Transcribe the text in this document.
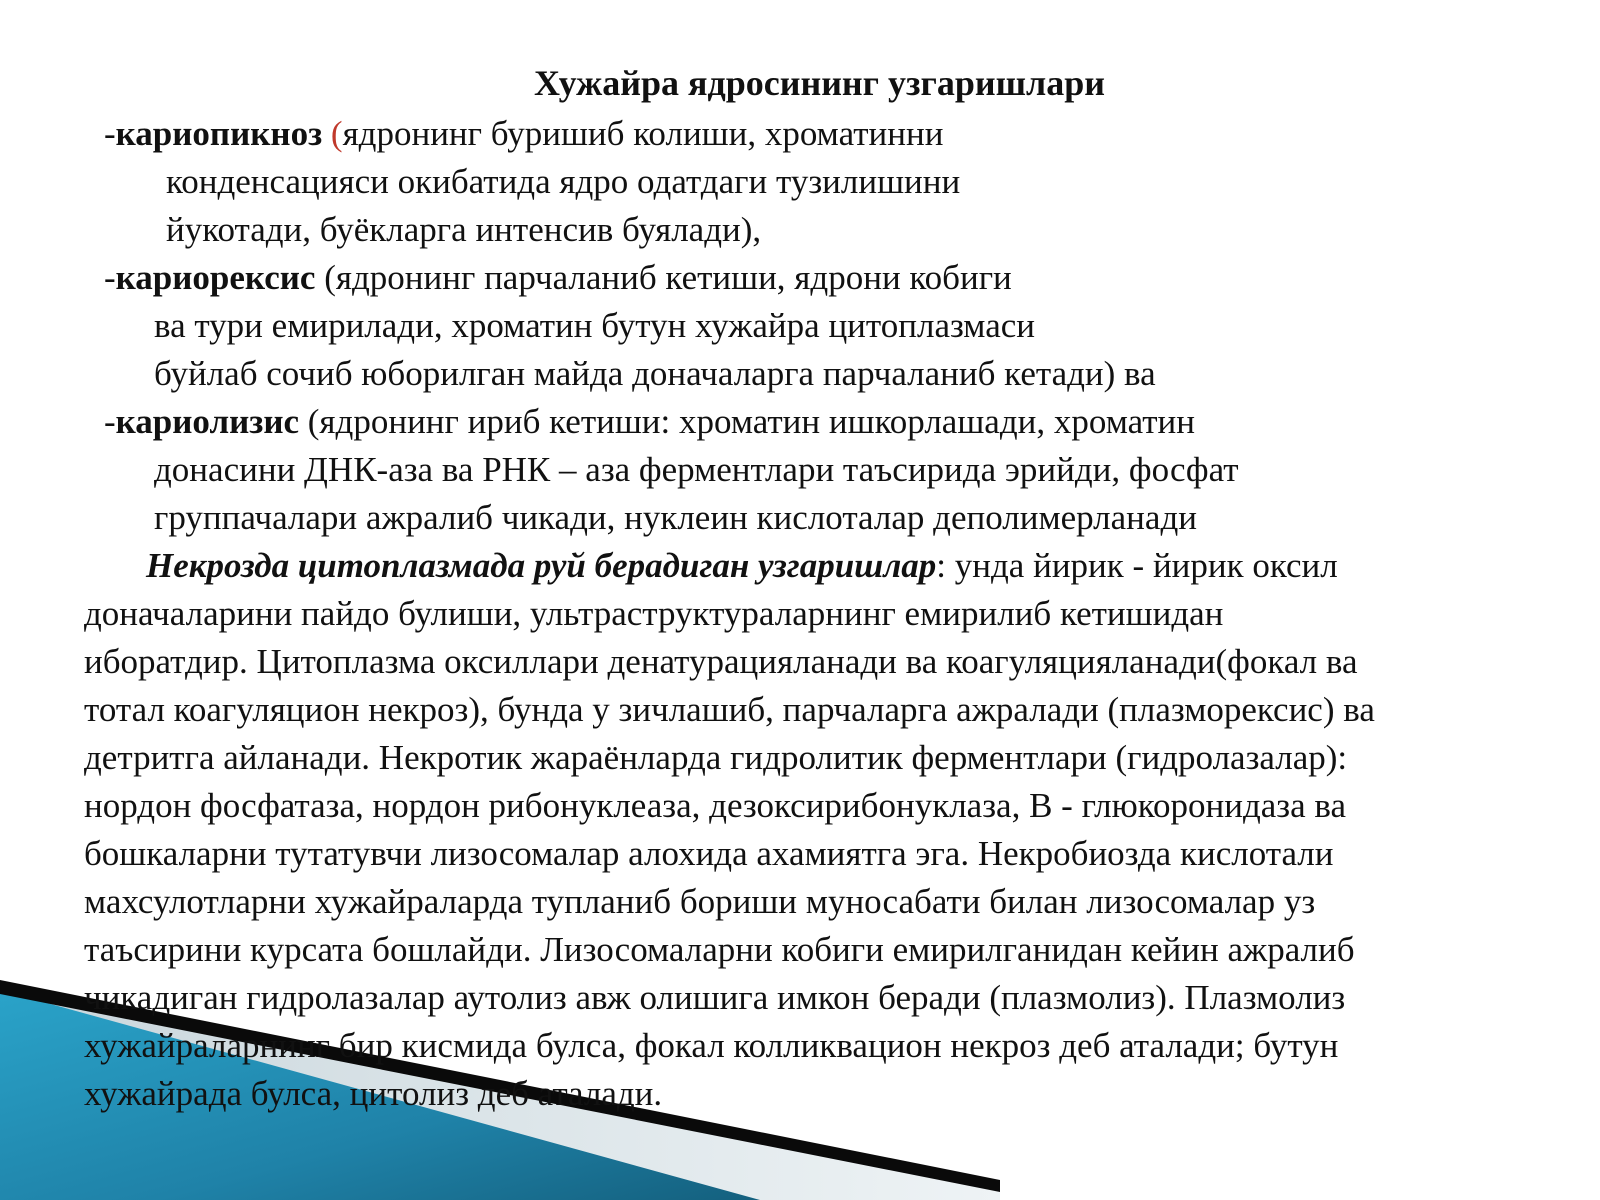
Хужайра ядросининг узгаришлари
-кариопикноз (ядронинг буришиб колиши, хроматинни
конденсацияси окибатида ядро одатдаги тузилишини
йукотади, буёкларга интенсив буялади),
-кариорексис (ядронинг парчаланиб кетиши, ядрони кобиги
ва тури емирилади, хроматин бутун хужайра цитоплазмаси
буйлаб сочиб юборилган майда доначаларга парчаланиб кетади) ва
-кариолизис (ядронинг ириб кетиши: хроматин ишкорлашади, хроматин
донасини ДНК-аза ва РНК – аза ферментлари таъсирида эрийди, фосфат
группачалари ажралиб чикади, нуклеин кислоталар деполимерланади
Некрозда цитоплазмада руй берадиган узгаришлар: унда йирик - йирик оксил
доначаларини пайдо булиши, ультраструктураларнинг емирилиб кетишидан
иборатдир. Цитоплазма оксиллари денатурацияланади ва коагуляцияланади(фокал ва
тотал коагуляцион некроз), бунда у зичлашиб, парчаларга ажралади (плазморексис) ва
детритга айланади. Некротик жараёнларда гидролитик ферментлари (гидролазалар):
нордон фосфатаза, нордон рибонуклеаза, дезоксирибонуклаза, В - глюкоронидаза ва
бошкаларни тутатувчи лизосомалар алохида ахамиятга эга. Некробиозда кислотали
махсулотларни хужайраларда тупланиб бориши муносабати билан лизосомалар уз
таъсирини курсата бошлайди. Лизосомаларни кобиги емирилганидан кейин ажралиб
чикадиган гидролазалар аутолиз авж олишига имкон беради (плазмолиз). Плазмолиз
хужайраларнинг бир кисмида булса, фокал колликвацион некроз деб аталади; бутун
хужайрада булса, цитолиз деб аталади.
